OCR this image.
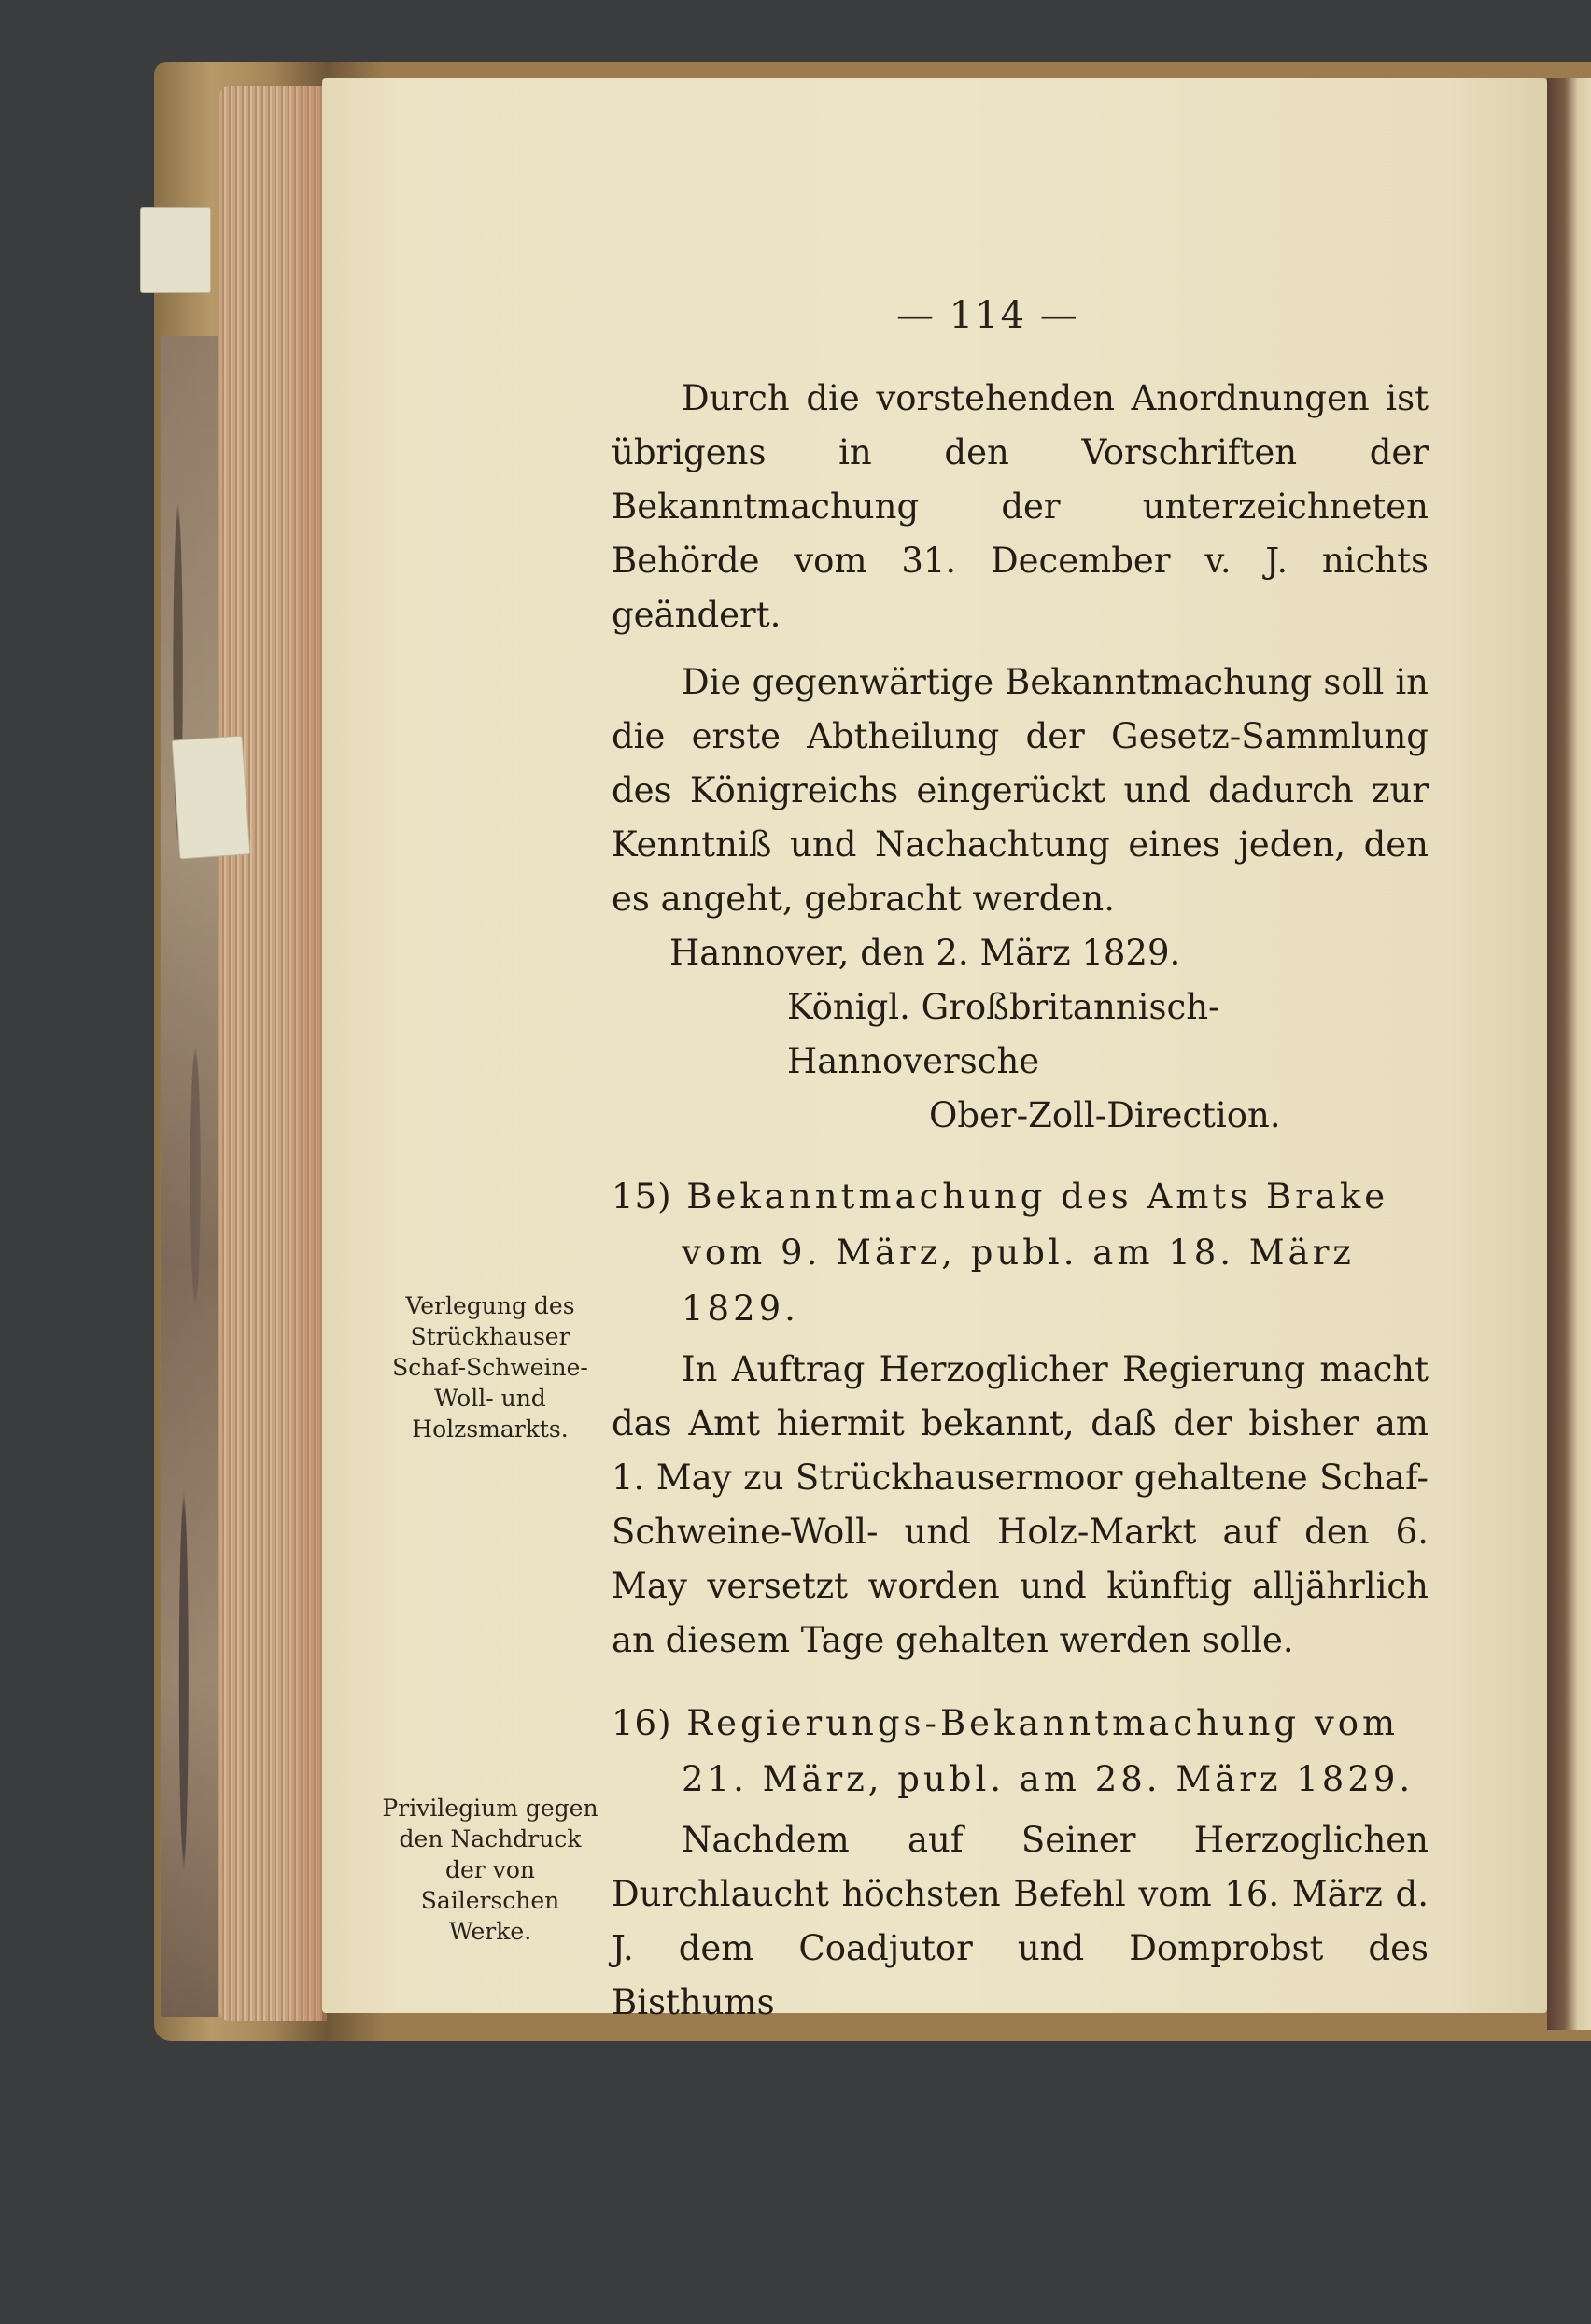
— 114 —

Durch die vorstehenden Anordnungen ist übrigens in den Vorschriften der Bekanntmachung der unterzeichneten Behörde vom 31. December v. J. nichts geändert.

Die gegenwärtige Bekanntmachung soll in die erste Abtheilung der Gesetz-Sammlung des Königreichs eingerückt und dadurch zur Kenntniß und Nachachtung eines jeden, den es angeht, gebracht werden.

Hannover, den 2. März 1829.
Königl. Großbritannisch-Hannoversche
Ober-Zoll-Direction.
15) Bekanntmachung des Amts Brake vom 9. März, publ. am 18. März 1829.

In Auftrag Herzoglicher Regierung macht das Amt hiermit bekannt, daß der bisher am 1. May zu Strückhausermoor gehaltene Schaf-Schweine-Woll- und Holz-Markt auf den 6. May versetzt worden und künftig alljährlich an diesem Tage gehalten werden solle.

16) Regierungs-Bekanntmachung vom 21. März, publ. am 28. März 1829.

Nachdem auf Seiner Herzoglichen Durchlaucht höchsten Befehl vom 16. März d. J. dem Coadjutor und Domprobst des Bisthums

Verlegung des Strückhauser Schaf-Schweine-Woll- und Holzsmarkts.
Privilegium gegen den Nachdruck der von Sailerschen Werke.
